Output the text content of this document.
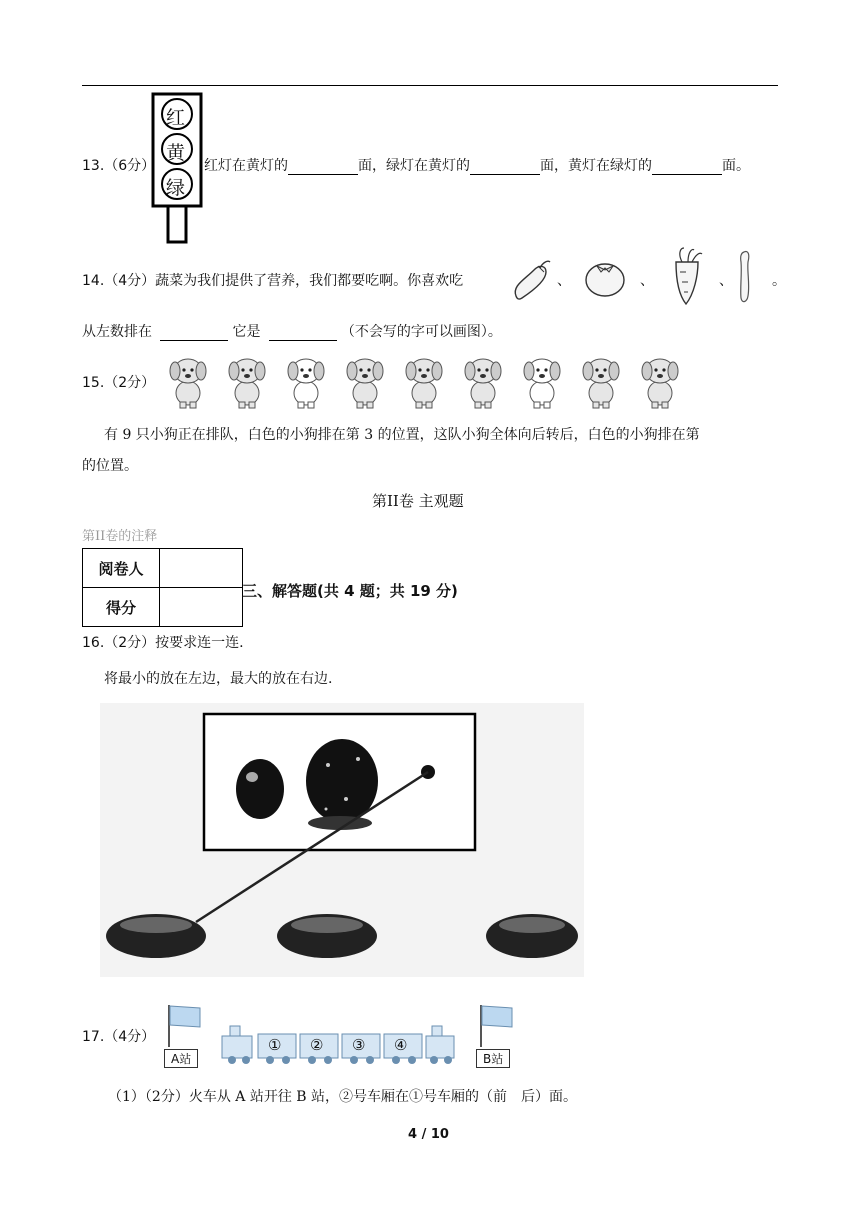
红
黄
绿
13.（6分）	红灯在黄灯的	面，绿灯在黄灯的	面，黄灯在绿灯的	面。
14.（4分）蔬菜为我们提供了营养，我们都要吃啊。你喜欢吃	、	、	、	。
从左数排在	它是	（不会写的字可以画图）。
15.（2分）
有 9 只小狗正在排队，白色的小狗排在第 3 的位置，这队小狗全体向后转后，白色的小狗排在第
的位置。
第II卷 主观题
第II卷的注释
阅卷人	
得分	
三、解答题(共 4 题；共 19 分)
16.（2分）按要求连一连.
将最小的放在左边，最大的放在右边.
17.（4分）
A站
① ② ③ ④
B站
（1）（2分）火车从 A 站开往 B 站，②号车厢在①号车厢的（前　后）面。
4 / 10
